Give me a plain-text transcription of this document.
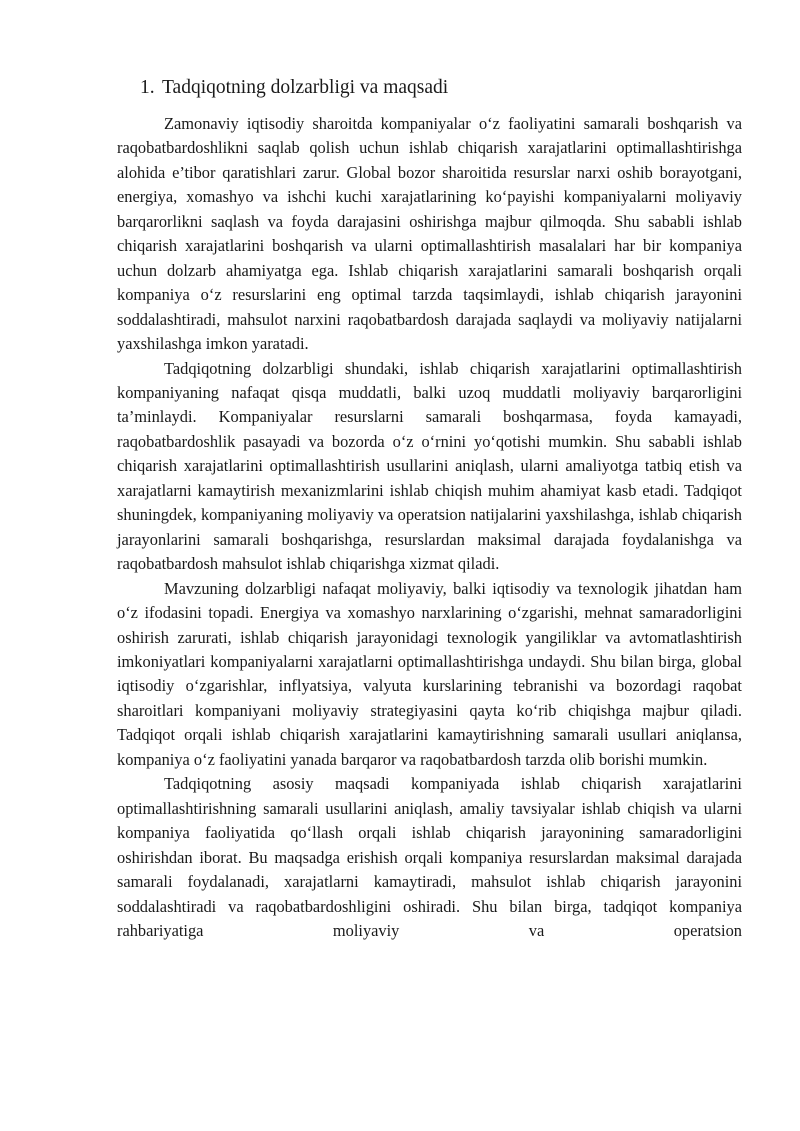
1. Tadqiqotning dolzarbligi va maqsadi

Zamonaviy iqtisodiy sharoitda kompaniyalar o‘z faoliyatini samarali boshqarish va raqobatbardoshlikni saqlab qolish uchun ishlab chiqarish xarajatlarini optimallashtirishga alohida e’tibor qaratishlari zarur. Global bozor sharoitida resurslar narxi oshib borayotgani, energiya, xomashyo va ishchi kuchi xarajatlarining ko‘payishi kompaniyalarni moliyaviy barqarorlikni saqlash va foyda darajasini oshirishga majbur qilmoqda. Shu sababli ishlab chiqarish xarajatlarini boshqarish va ularni optimallashtirish masalalari har bir kompaniya uchun dolzarb ahamiyatga ega. Ishlab chiqarish xarajatlarini samarali boshqarish orqali kompaniya o‘z resurslarini eng optimal tarzda taqsimlaydi, ishlab chiqarish jarayonini soddalashtiradi, mahsulot narxini raqobatbardosh darajada saqlaydi va moliyaviy natijalarni yaxshilashga imkon yaratadi.

Tadqiqotning dolzarbligi shundaki, ishlab chiqarish xarajatlarini optimallashtirish kompaniyaning nafaqat qisqa muddatli, balki uzoq muddatli moliyaviy barqarorligini ta’minlaydi. Kompaniyalar resurslarni samarali boshqarmasa, foyda kamayadi, raqobatbardoshlik pasayadi va bozorda o‘z o‘rnini yo‘qotishi mumkin. Shu sababli ishlab chiqarish xarajatlarini optimallashtirish usullarini aniqlash, ularni amaliyotga tatbiq etish va xarajatlarni kamaytirish mexanizmlarini ishlab chiqish muhim ahamiyat kasb etadi. Tadqiqot shuningdek, kompaniyaning moliyaviy va operatsion natijalarini yaxshilashga, ishlab chiqarish jarayonlarini samarali boshqarishga, resurslardan maksimal darajada foydalanishga va raqobatbardosh mahsulot ishlab chiqarishga xizmat qiladi.

Mavzuning dolzarbligi nafaqat moliyaviy, balki iqtisodiy va texnologik jihatdan ham o‘z ifodasini topadi. Energiya va xomashyo narxlarining o‘zgarishi, mehnat samaradorligini oshirish zarurati, ishlab chiqarish jarayonidagi texnologik yangiliklar va avtomatlashtirish imkoniyatlari kompaniyalarni xarajatlarni optimallashtirishga undaydi. Shu bilan birga, global iqtisodiy o‘zgarishlar, inflyatsiya, valyuta kurslarining tebranishi va bozordagi raqobat sharoitlari kompaniyani moliyaviy strategiyasini qayta ko‘rib chiqishga majbur qiladi. Tadqiqot orqali ishlab chiqarish xarajatlarini kamaytirishning samarali usullari aniqlansa, kompaniya o‘z faoliyatini yanada barqaror va raqobatbardosh tarzda olib borishi mumkin.

Tadqiqotning asosiy maqsadi kompaniyada ishlab chiqarish xarajatlarini optimallashtirishning samarali usullarini aniqlash, amaliy tavsiyalar ishlab chiqish va ularni kompaniya faoliyatida qo‘llash orqali ishlab chiqarish jarayonining samaradorligini oshirishdan iborat. Bu maqsadga erishish orqali kompaniya resurslardan maksimal darajada samarali foydalanadi, xarajatlarni kamaytiradi, mahsulot ishlab chiqarish jarayonini soddalashtiradi va raqobatbardoshligini oshiradi. Shu bilan birga, tadqiqot kompaniya rahbariyatiga moliyaviy va operatsion
